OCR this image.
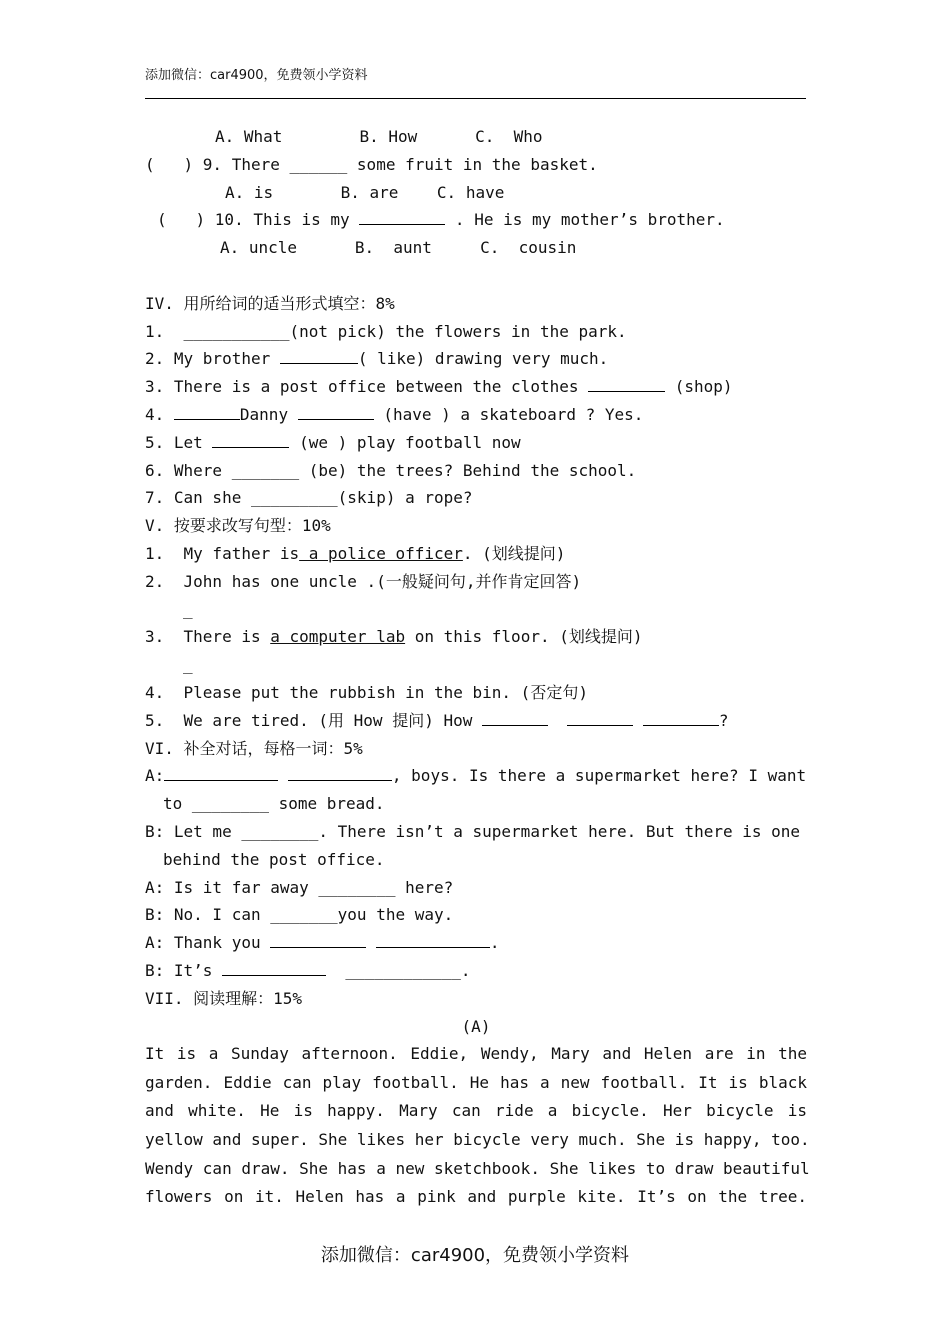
添加微信：car4900，免费领小学资料
A. What        B. How      C.  Who
(   ) 9. There ______ some fruit in the basket.
A. is       B. are    C. have
(   ) 10. This is my	. He is my mother’s brother.
A. uncle      B.  aunt     C.  cousin
IV. 用所给词的适当形式填空：8%
1.  ___________(not pick) the flowers in the park.
2. My brother	( like) drawing very much.
3. There is a post office between the clothes	(shop)
4.	Danny	(have ) a skateboard ? Yes.
5. Let	(we ) play football now
6. Where _______ (be) the trees? Behind the school.
7. Can she _________(skip) a rope?
V. 按要求改写句型：10%
1.  My father is a police officer. (划线提问)
2.  John has one uncle .(一般疑问句,并作肯定回答)
_
3.  There is a computer lab on this floor. (划线提问)
_
4.  Please put the rubbish in the bin. (否定句)
5.  We are tired. (用 How 提问) How	?
VI. 补全对话，每格一词：5%
A:	, boys. Is there a supermarket here? I want
to ________ some bread.
B: Let me ________. There isn’t a supermarket here. But there is one
behind the post office.
A: Is it far away ________ here?
B: No. I can _______you the way.
A: Thank you	.
B: It’s	____________.
VII. 阅读理解：15%
(A)
It is a Sunday afternoon. Eddie, Wendy, Mary and Helen are in the
garden. Eddie can play football. He has a new football. It is black
and white. He is happy. Mary can ride a bicycle. Her bicycle is
yellow and super. She likes her bicycle very much. She is happy, too.
Wendy can draw. She has a new sketchbook. She likes to draw beautiful
flowers on it. Helen has a pink and purple kite. It’s on the tree.
添加微信：car4900，免费领小学资料
